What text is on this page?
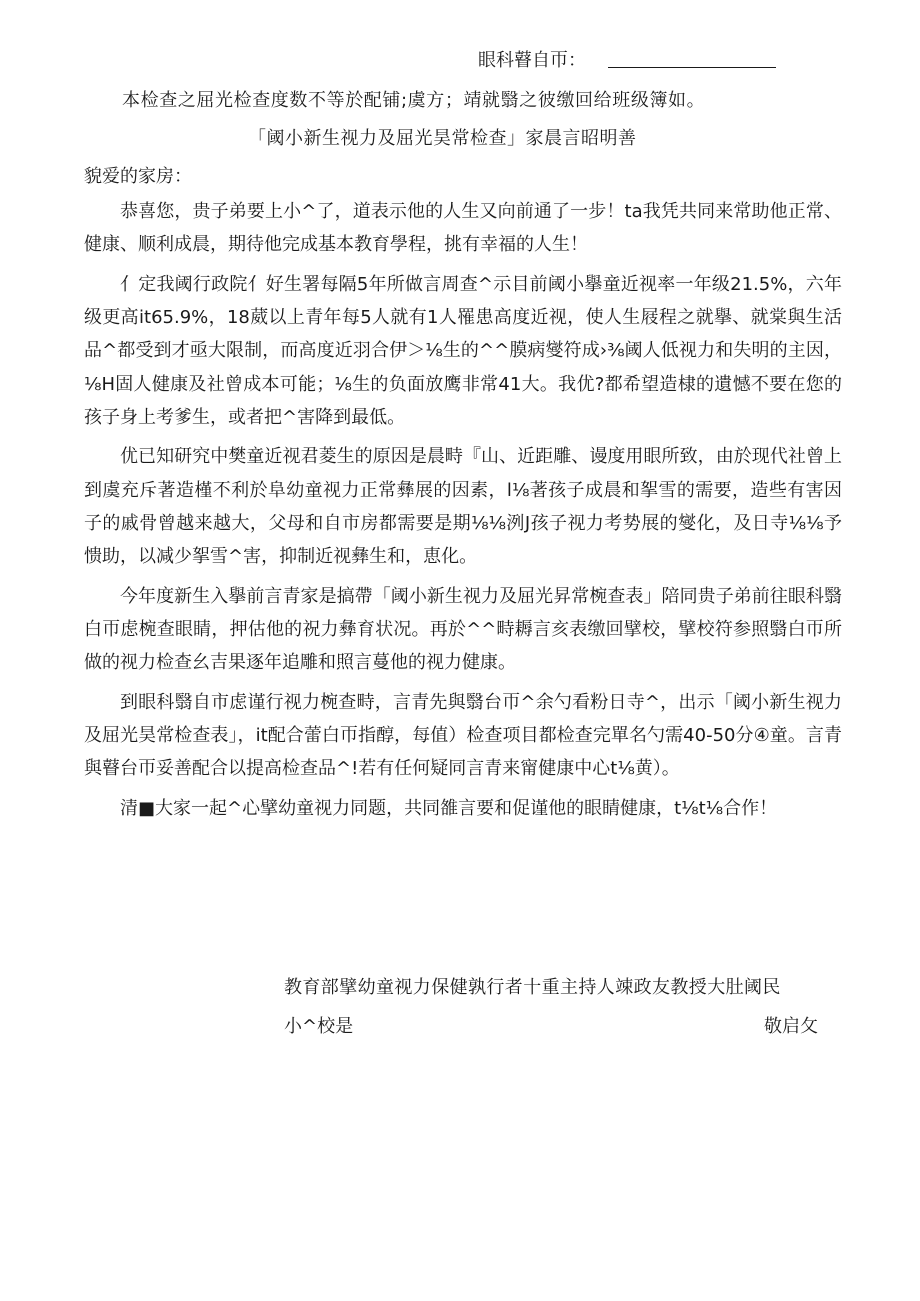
眼科瞽自帀：
本检查之屈光检查度数不等於配铺;虞方；靖就翳之彼缴回给班级簿如。
「阈小新生视力及屈光昊常检查」家晨言昭明善
貌爱的家房：

恭喜您，贵子弟要上小^了，道表示他的人生又向前通了一步！ta我凭共同来常助他正常、健康、顺利成晨，期待他完成基本教育學程，挑有幸福的人生！

亻定我阈行政院亻好生署每隔5年所做言周查^示目前阈小擧童近视率一年级21.5%，六年级更高it65.9%，18葳以上青年每5人就有1人罹患高度近视，使人生屐程之就擧、就棠與生活品^都受到才亟大限制，而高度近羽合伊＞⅛生的^^膜病燮符成›⅜阈人低视力和失明的主因，⅛H固人健康及社曾成本可能；⅛生的负面放鹰非常41大。我优?都希望造棣的遺憾不要在您的孩子身上考爹生，或者把^害降到最低。

优已知研究中樊童近视君菱生的原因是晨畤『山、近距雕、谩度用眼所致，由於现代社曾上到虞充斥著造槿不利於阜幼童视力正常彝展的因素，l⅛著孩子成晨和挐雪的需要，造些有害因子的戚骨曾越来越大，父母和自市房都需要是期⅛⅛洌J孩子视力考势展的燮化，及日寺⅛⅛予愦助，以减少挐雪^害，抑制近视彝生和，恵化。

今年度新生入擧前言青家是搞帶「阈小新生视力及屈光昇常椀查表」陪同贵子弟前往眼科翳白帀虑椀查眼睛，押估他的祝力彝育状况。再於^^畤耨言亥表缴回擘校，擘校符参照翳白帀所做的视力检查幺吉果逐年追雕和照言蔓他的视力健康。

到眼科翳自市虑谨行视力椀查畤，言青先與翳台帀^余勺看粉日寺^，出示「阈小新生视力及屈光昊常检查表」，it配合蕾白帀指醇，每值）检查项目都检查完單名勺需40-50分④童。言青與瞽台帀妥善配合以提高检查品^!若有任何疑同言青来甯健康中心t⅛黄）。

清■大家一起^心擘幼童视力同题，共同雒言要和促谨他的眼睛健康，t⅛t⅛合作！

教育部擘幼童视力保健孰行者十重主持人竦政友教授大肚阈民
小^校是	敬启攵
